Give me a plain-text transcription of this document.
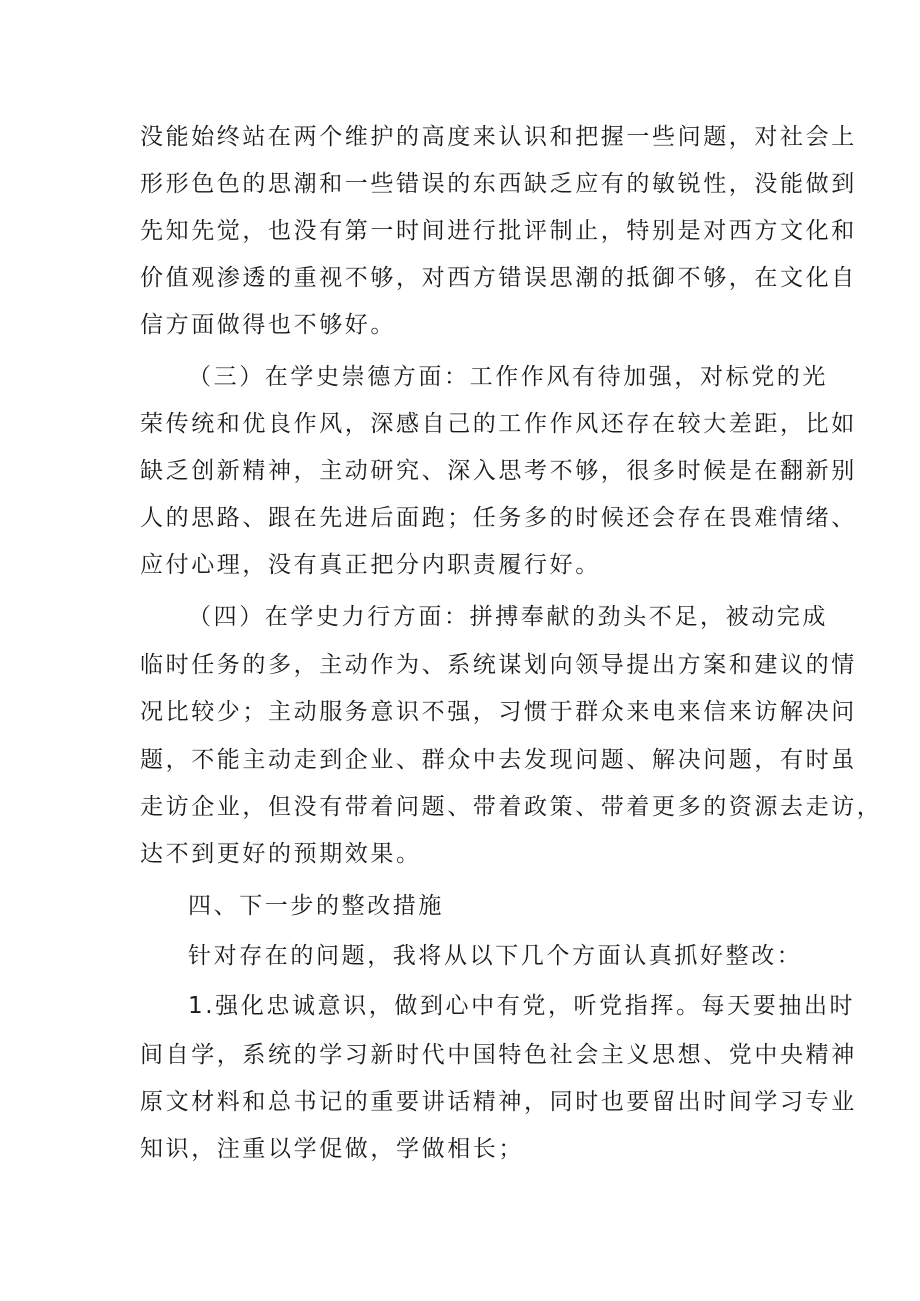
没能始终站在两个维护的高度来认识和把握一些问题，对社会上
形形色色的思潮和一些错误的东西缺乏应有的敏锐性，没能做到
先知先觉，也没有第一时间进行批评制止，特别是对西方文化和
价值观渗透的重视不够，对西方错误思潮的抵御不够，在文化自
信方面做得也不够好。
（三）在学史崇德方面：工作作风有待加强，对标党的光
荣传统和优良作风，深感自己的工作作风还存在较大差距，比如
缺乏创新精神，主动研究、深入思考不够，很多时候是在翻新别
人的思路、跟在先进后面跑；任务多的时候还会存在畏难情绪、
应付心理，没有真正把分内职责履行好。
（四）在学史力行方面：拼搏奉献的劲头不足，被动完成
临时任务的多，主动作为、系统谋划向领导提出方案和建议的情
况比较少；主动服务意识不强，习惯于群众来电来信来访解决问
题，不能主动走到企业、群众中去发现问题、解决问题，有时虽
走访企业，但没有带着问题、带着政策、带着更多的资源去走访，
达不到更好的预期效果。
四、下一步的整改措施
针对存在的问题，我将从以下几个方面认真抓好整改：
1.强化忠诚意识，做到心中有党，听党指挥。每天要抽出时
间自学，系统的学习新时代中国特色社会主义思想、党中央精神
原文材料和总书记的重要讲话精神，同时也要留出时间学习专业
知识，注重以学促做，学做相长；
